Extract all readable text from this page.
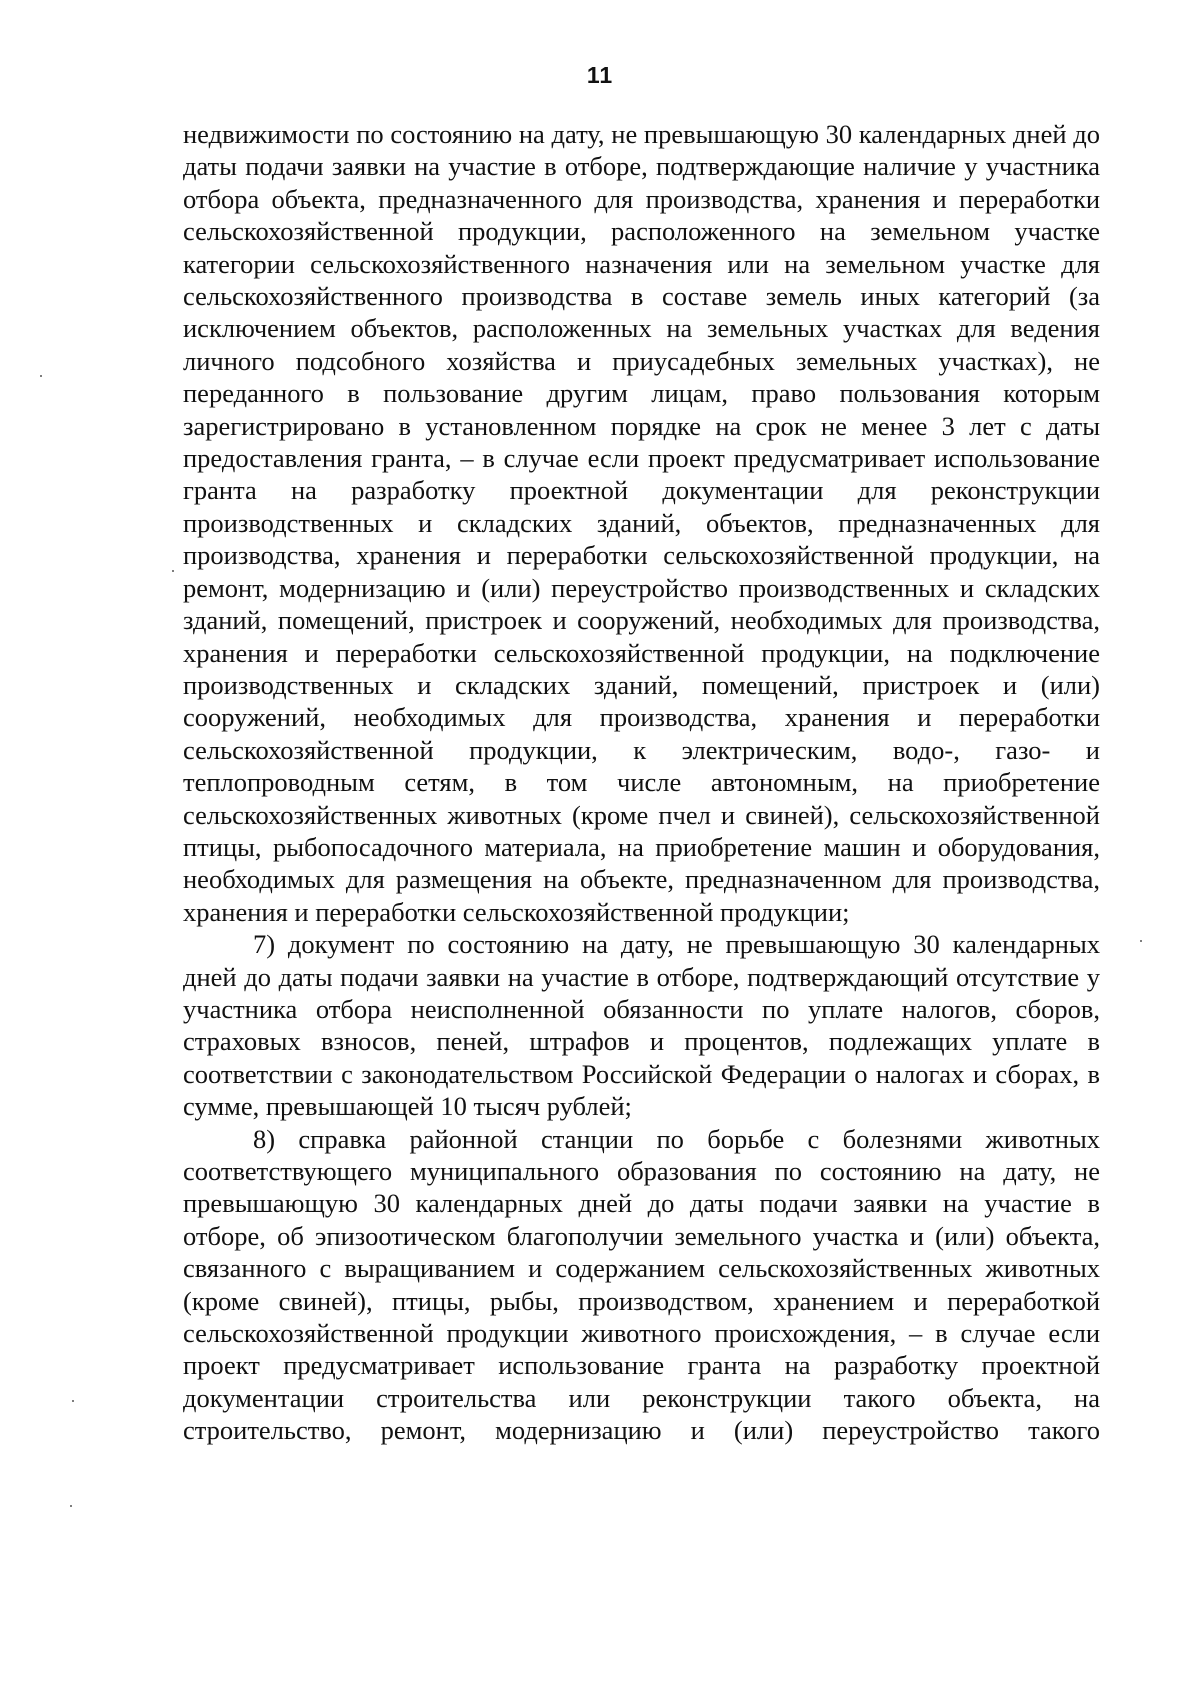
11

недвижимости по состоянию на дату, не превышающую 30 календарных дней до даты подачи заявки на участие в отборе, подтверждающие наличие у участника отбора объекта, предназначенного для производства, хранения и переработки сельскохозяйственной продукции, расположенного на земельном участке категории сельскохозяйственного назначения или на земельном участке для сельскохозяйственного производства в составе земель иных категорий (за исключением объектов, расположенных на земельных участках для ведения личного подсобного хозяйства и приусадебных земельных участках), не переданного в пользование другим лицам, право пользования которым зарегистрировано в установленном порядке на срок не менее 3 лет с даты предоставления гранта, – в случае если проект предусматривает использование гранта на разработку проектной документации для реконструкции производственных и складских зданий, объектов, предназначенных для производства, хранения и переработки сельскохозяйственной продукции, на ремонт, модернизацию и (или) переустройство производственных и складских зданий, помещений, пристроек и сооружений, необходимых для производства, хранения и переработки сельскохозяйственной продукции, на подключение производственных и складских зданий, помещений, пристроек и (или) сооружений, необходимых для производства, хранения и переработки сельскохозяйственной продукции, к электрическим, водо-, газо- и теплопроводным сетям, в том числе автономным, на приобретение сельскохозяйственных животных (кроме пчел и свиней), сельскохозяйственной птицы, рыбопосадочного материала, на приобретение машин и оборудования, необходимых для размещения на объекте, предназначенном для производства, хранения и переработки сельскохозяйственной продукции;

7) документ по состоянию на дату, не превышающую 30 календарных дней до даты подачи заявки на участие в отборе, подтверждающий отсутствие у участника отбора неисполненной обязанности по уплате налогов, сборов, страховых взносов, пеней, штрафов и процентов, подлежащих уплате в соответствии с законодательством Российской Федерации о налогах и сборах, в сумме, превышающей 10 тысяч рублей;

8) справка районной станции по борьбе с болезнями животных соответствующего муниципального образования по состоянию на дату, не превышающую 30 календарных дней до даты подачи заявки на участие в отборе, об эпизоотическом благополучии земельного участка и (или) объекта, связанного с выращиванием и содержанием сельскохозяйственных животных (кроме свиней), птицы, рыбы, производством, хранением и переработкой сельскохозяйственной продукции животного происхождения, – в случае если проект предусматривает использование гранта на разработку проектной документации строительства или реконструкции такого объекта, на строительство, ремонт, модернизацию и (или) переустройство такого
